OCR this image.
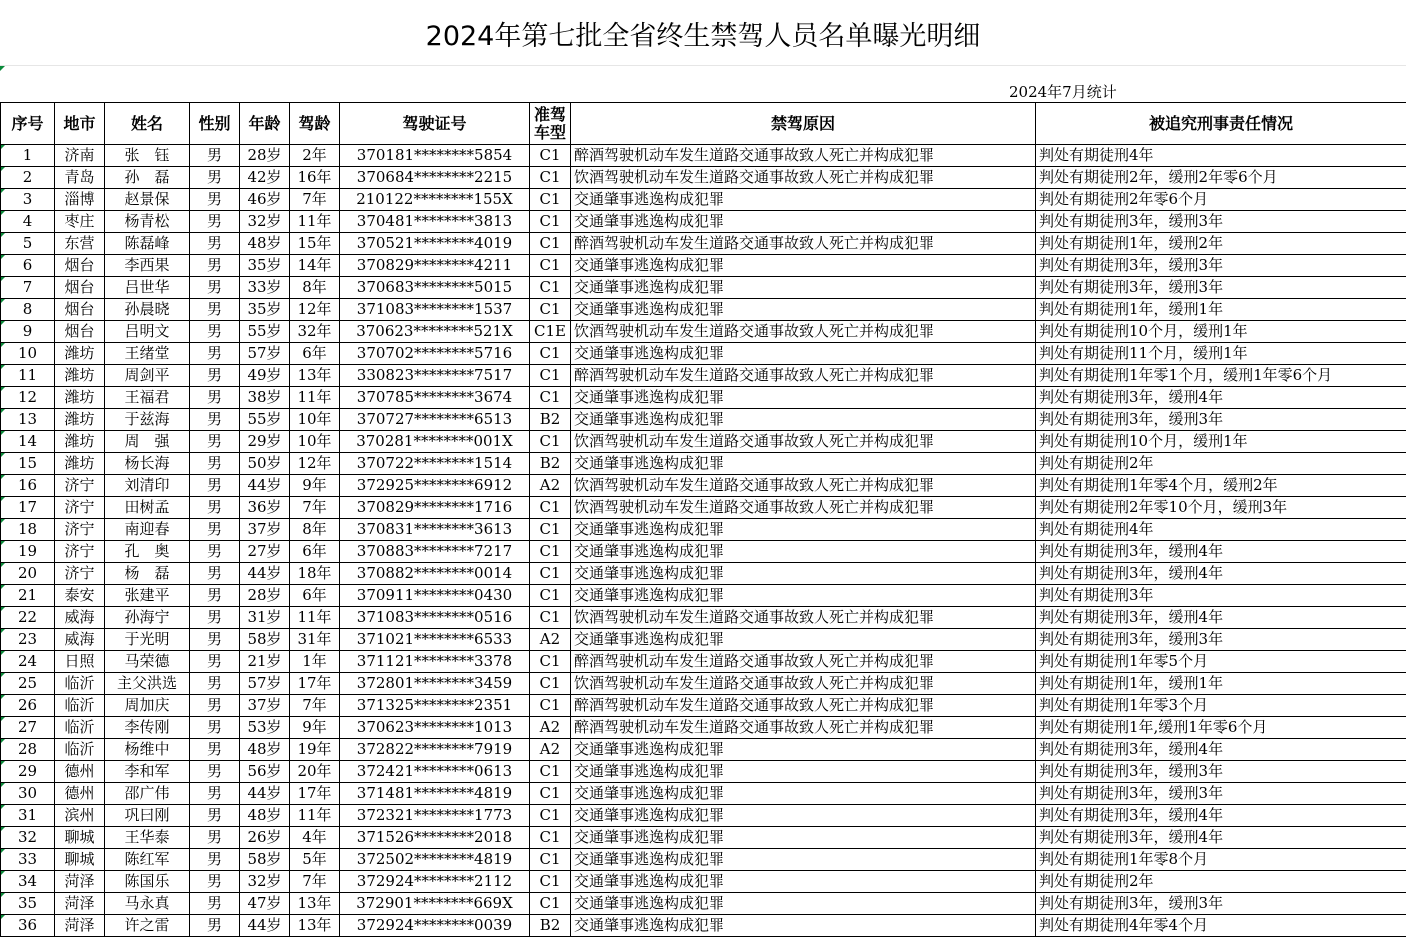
2024年第七批全省终生禁驾人员名单曝光明细
2024年7月统计
序号	地市	姓名	性别	年龄	驾龄	驾驶证号	准驾车型	禁驾原因	被追究刑事责任情况
1	济南	张　钰	男	28岁	2年	370181********5854	C1	醉酒驾驶机动车发生道路交通事故致人死亡并构成犯罪	判处有期徒刑4年
2	青岛	孙　磊	男	42岁	16年	370684********2215	C1	饮酒驾驶机动车发生道路交通事故致人死亡并构成犯罪	判处有期徒刑2年，缓刑2年零6个月
3	淄博	赵景保	男	46岁	7年	210122********155X	C1	交通肇事逃逸构成犯罪	判处有期徒刑2年零6个月
4	枣庄	杨青松	男	32岁	11年	370481********3813	C1	交通肇事逃逸构成犯罪	判处有期徒刑3年，缓刑3年
5	东营	陈磊峰	男	48岁	15年	370521********4019	C1	醉酒驾驶机动车发生道路交通事故致人死亡并构成犯罪	判处有期徒刑1年，缓刑2年
6	烟台	李西果	男	35岁	14年	370829********4211	C1	交通肇事逃逸构成犯罪	判处有期徒刑3年，缓刑3年
7	烟台	吕世华	男	33岁	8年	370683********5015	C1	交通肇事逃逸构成犯罪	判处有期徒刑3年，缓刑3年
8	烟台	孙晨晓	男	35岁	12年	371083********1537	C1	交通肇事逃逸构成犯罪	判处有期徒刑1年，缓刑1年
9	烟台	吕明文	男	55岁	32年	370623********521X	C1E	饮酒驾驶机动车发生道路交通事故致人死亡并构成犯罪	判处有期徒刑10个月，缓刑1年
10	潍坊	王绪堂	男	57岁	6年	370702********5716	C1	交通肇事逃逸构成犯罪	判处有期徒刑11个月，缓刑1年
11	潍坊	周剑平	男	49岁	13年	330823********7517	C1	醉酒驾驶机动车发生道路交通事故致人死亡并构成犯罪	判处有期徒刑1年零1个月，缓刑1年零6个月
12	潍坊	王福君	男	38岁	11年	370785********3674	C1	交通肇事逃逸构成犯罪	判处有期徒刑3年，缓刑4年
13	潍坊	于兹海	男	55岁	10年	370727********6513	B2	交通肇事逃逸构成犯罪	判处有期徒刑3年，缓刑3年
14	潍坊	周　强	男	29岁	10年	370281********001X	C1	饮酒驾驶机动车发生道路交通事故致人死亡并构成犯罪	判处有期徒刑10个月，缓刑1年
15	潍坊	杨长海	男	50岁	12年	370722********1514	B2	交通肇事逃逸构成犯罪	判处有期徒刑2年
16	济宁	刘清印	男	44岁	9年	372925********6912	A2	饮酒驾驶机动车发生道路交通事故致人死亡并构成犯罪	判处有期徒刑1年零4个月，缓刑2年
17	济宁	田树孟	男	36岁	7年	370829********1716	C1	饮酒驾驶机动车发生道路交通事故致人死亡并构成犯罪	判处有期徒刑2年零10个月，缓刑3年
18	济宁	南迎春	男	37岁	8年	370831********3613	C1	交通肇事逃逸构成犯罪	判处有期徒刑4年
19	济宁	孔　奥	男	27岁	6年	370883********7217	C1	交通肇事逃逸构成犯罪	判处有期徒刑3年，缓刑4年
20	济宁	杨　磊	男	44岁	18年	370882********0014	C1	交通肇事逃逸构成犯罪	判处有期徒刑3年，缓刑4年
21	泰安	张建平	男	28岁	6年	370911********0430	C1	交通肇事逃逸构成犯罪	判处有期徒刑3年
22	威海	孙海宁	男	31岁	11年	371083********0516	C1	饮酒驾驶机动车发生道路交通事故致人死亡并构成犯罪	判处有期徒刑3年，缓刑4年
23	威海	于光明	男	58岁	31年	371021********6533	A2	交通肇事逃逸构成犯罪	判处有期徒刑3年，缓刑3年
24	日照	马荣德	男	21岁	1年	371121********3378	C1	醉酒驾驶机动车发生道路交通事故致人死亡并构成犯罪	判处有期徒刑1年零5个月
25	临沂	主父洪选	男	57岁	17年	372801********3459	C1	饮酒驾驶机动车发生道路交通事故致人死亡并构成犯罪	判处有期徒刑1年，缓刑1年
26	临沂	周加庆	男	37岁	7年	371325********2351	C1	醉酒驾驶机动车发生道路交通事故致人死亡并构成犯罪	判处有期徒刑1年零3个月
27	临沂	李传刚	男	53岁	9年	370623********1013	A2	醉酒驾驶机动车发生道路交通事故致人死亡并构成犯罪	判处有期徒刑1年,缓刑1年零6个月
28	临沂	杨维中	男	48岁	19年	372822********7919	A2	交通肇事逃逸构成犯罪	判处有期徒刑3年，缓刑4年
29	德州	李和军	男	56岁	20年	372421********0613	C1	交通肇事逃逸构成犯罪	判处有期徒刑3年，缓刑3年
30	德州	邵广伟	男	44岁	17年	371481********4819	C1	交通肇事逃逸构成犯罪	判处有期徒刑3年，缓刑3年
31	滨州	巩曰刚	男	48岁	11年	372321********1773	C1	交通肇事逃逸构成犯罪	判处有期徒刑3年，缓刑4年
32	聊城	王华泰	男	26岁	4年	371526********2018	C1	交通肇事逃逸构成犯罪	判处有期徒刑3年，缓刑4年
33	聊城	陈红军	男	58岁	5年	372502********4819	C1	交通肇事逃逸构成犯罪	判处有期徒刑1年零8个月
34	菏泽	陈国乐	男	32岁	7年	372924********2112	C1	交通肇事逃逸构成犯罪	判处有期徒刑2年
35	菏泽	马永真	男	47岁	13年	372901********669X	C1	交通肇事逃逸构成犯罪	判处有期徒刑3年，缓刑3年
36	菏泽	许之雷	男	44岁	13年	372924********0039	B2	交通肇事逃逸构成犯罪	判处有期徒刑4年零4个月
